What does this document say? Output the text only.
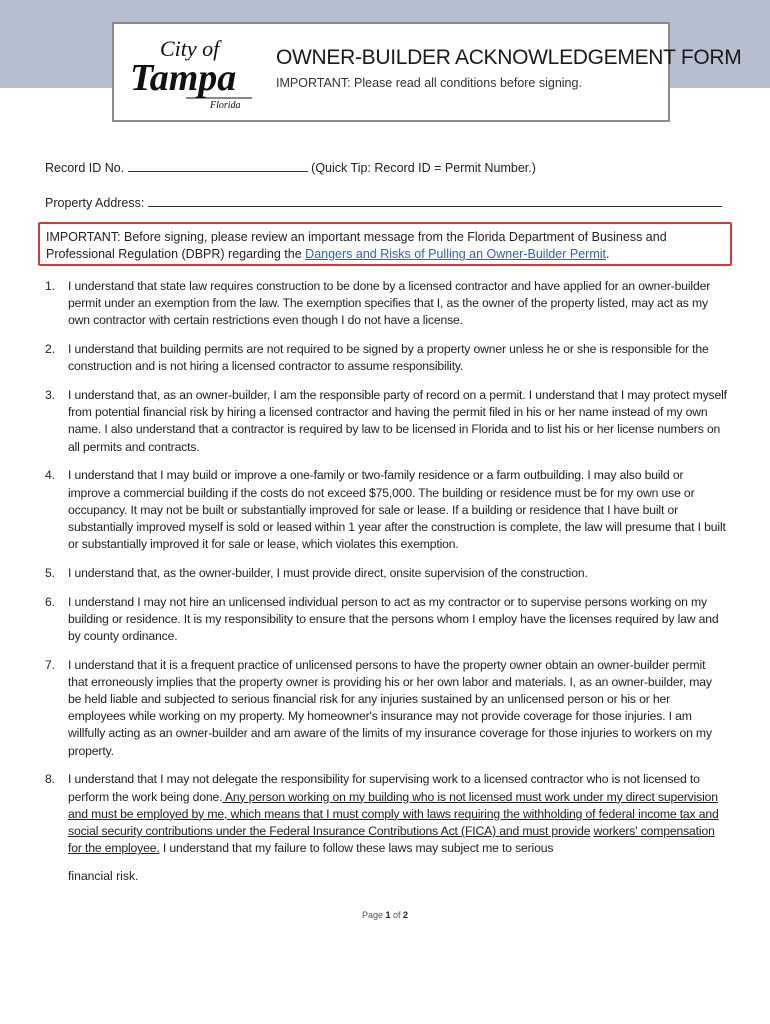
City of
Tampa
Florida
OWNER-BUILDER ACKNOWLEDGEMENT FORM
IMPORTANT: Please read all conditions before signing.
Record ID No.	(Quick Tip: Record ID = Permit Number.)
Property Address:
IMPORTANT: Before signing, please review an important message from the Florida Department of Business and Professional Regulation (DBPR) regarding the Dangers and Risks of Pulling an Owner-Builder Permit.
1. I understand that state law requires construction to be done by a licensed contractor and have applied for an owner-builder permit under an exemption from the law. The exemption specifies that I, as the owner of the property listed, may act as my own contractor with certain restrictions even though I do not have a license.
2. I understand that building permits are not required to be signed by a property owner unless he or she is responsible for the construction and is not hiring a licensed contractor to assume responsibility.
3. I understand that, as an owner-builder, I am the responsible party of record on a permit. I understand that I may protect myself from potential financial risk by hiring a licensed contractor and having the permit filed in his or her name instead of my own name. I also understand that a contractor is required by law to be licensed in Florida and to list his or her license numbers on all permits and contracts.
4. I understand that I may build or improve a one-family or two-family residence or a farm outbuilding. I may also build or improve a commercial building if the costs do not exceed $75,000. The building or residence must be for my own use or occupancy. It may not be built or substantially improved for sale or lease. If a building or residence that I have built or substantially improved myself is sold or leased within 1 year after the construction is complete, the law will presume that I built or substantially improved it for sale or lease, which violates this exemption.
5. I understand that, as the owner-builder, I must provide direct, onsite supervision of the construction.
6. I understand I may not hire an unlicensed individual person to act as my contractor or to supervise persons working on my building or residence. It is my responsibility to ensure that the persons whom I employ have the licenses required by law and by county ordinance.
7. I understand that it is a frequent practice of unlicensed persons to have the property owner obtain an owner-builder permit that erroneously implies that the property owner is providing his or her own labor and materials. I, as an owner-builder, may be held liable and subjected to serious financial risk for any injuries sustained by an unlicensed person or his or her employees while working on my property. My homeowner's insurance may not provide coverage for those injuries. I am willfully acting as an owner-builder and am aware of the limits of my insurance coverage for those injuries to workers on my property.
8. I understand that I may not delegate the responsibility for supervising work to a licensed contractor who is not licensed to perform the work being done. Any person working on my building who is not licensed must work under my direct supervision and must be employed by me, which means that I must comply with laws requiring the withholding of federal income tax and social security contributions under the Federal Insurance Contributions Act (FICA) and must provide workers' compensation for the employee. I understand that my failure to follow these laws may subject me to serious
financial risk.
Page 1 of 2
